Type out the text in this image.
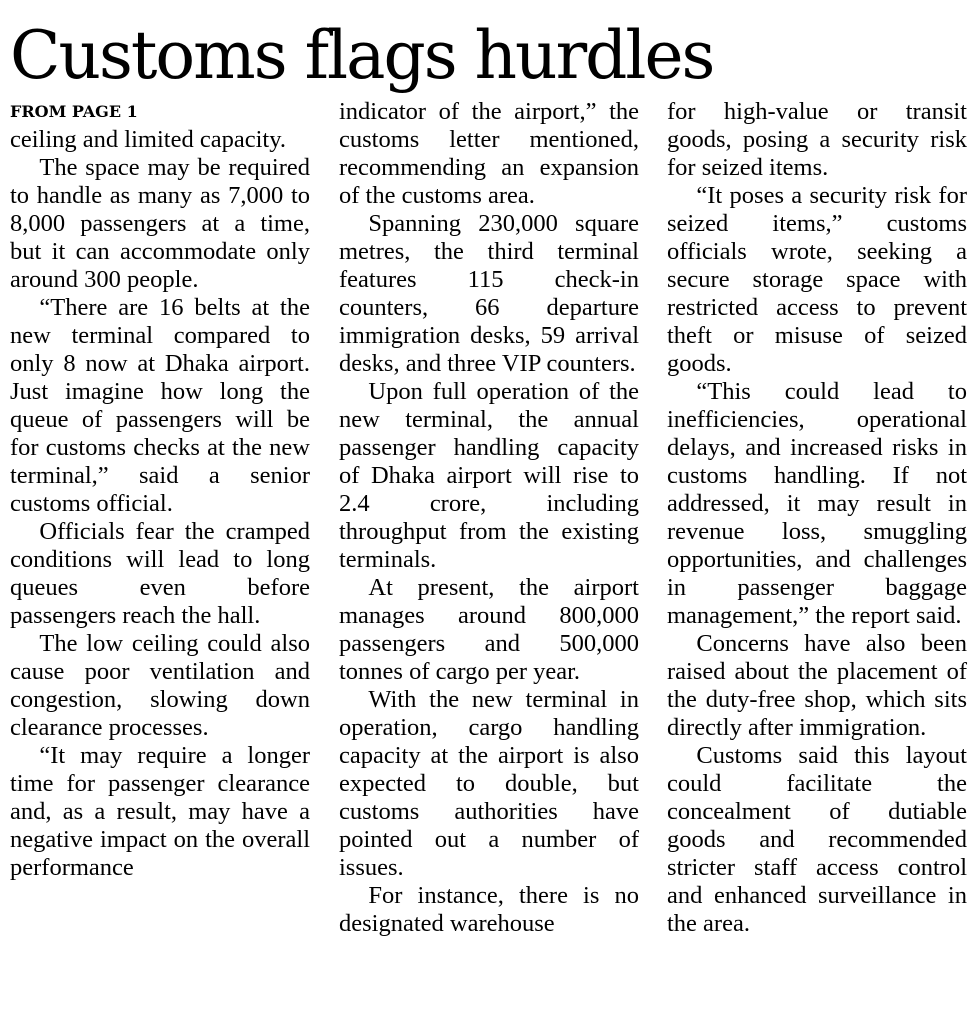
Customs flags hurdles
FROM PAGE 1

ceiling and limited capacity.

The space may be required to handle as many as 7,000 to 8,000 passengers at a time, but it can accommodate only around 300 people.

“There are 16 belts at the new terminal compared to only 8 now at Dhaka airport. Just imagine how long the queue of passengers will be for customs checks at the new terminal,” said a senior customs official.

Officials fear the cramped conditions will lead to long queues even before passengers reach the hall.

The low ceiling could also cause poor ventilation and congestion, slowing down clearance processes.

“It may require a longer time for passenger clearance and, as a result, may have a negative impact on the overall performance

indicator of the airport,” the customs letter mentioned, recommending an expansion of the customs area.

Spanning 230,000 square metres, the third terminal features 115 check-in counters, 66 departure immigration desks, 59 arrival desks, and three VIP counters.

Upon full operation of the new terminal, the annual passenger handling capacity of Dhaka airport will rise to 2.4 crore, including throughput from the existing terminals.

At present, the airport manages around 800,000 passengers and 500,000 tonnes of cargo per year.

With the new terminal in operation, cargo handling capacity at the airport is also expected to double, but customs authorities have pointed out a number of issues.

For instance, there is no designated warehouse

for high-value or transit goods, posing a security risk for seized items.

“It poses a security risk for seized items,” customs officials wrote, seeking a secure storage space with restricted access to prevent theft or misuse of seized goods.

“This could lead to inefficiencies, operational delays, and increased risks in customs handling. If not addressed, it may result in revenue loss, smuggling opportunities, and challenges in passenger baggage management,” the report said.

Concerns have also been raised about the placement of the duty-free shop, which sits directly after immigration.

Customs said this layout could facilitate the concealment of dutiable goods and recommended stricter staff access control and enhanced surveillance in the area.
